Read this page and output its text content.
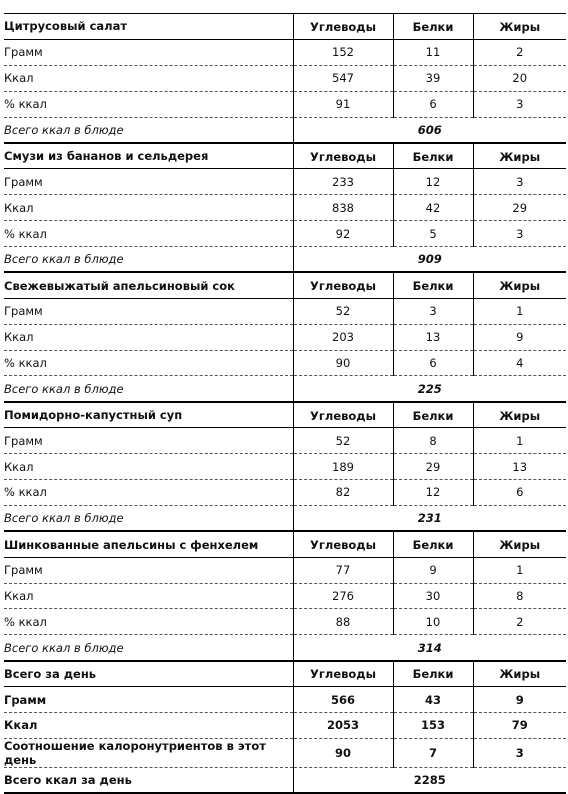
Цитрусовый салат	Углеводы	Белки	Жиры
Грамм	152	11	2
Ккал	547	39	20
% ккал	91	6	3
Всего ккал в блюде	606		
Смузи из бананов и сельдерея	Углеводы	Белки	Жиры
Грамм	233	12	3
Ккал	838	42	29
% ккал	92	5	3
Всего ккал в блюде	909		
Свежевыжатый апельсиновый сок	Углеводы	Белки	Жиры
Грамм	52	3	1
Ккал	203	13	9
% ккал	90	6	4
Всего ккал в блюде	225		
Помидорно-капустный суп	Углеводы	Белки	Жиры
Грамм	52	8	1
Ккал	189	29	13
% ккал	82	12	6
Всего ккал в блюде	231		
Шинкованные апельсины с фенхелем	Углеводы	Белки	Жиры
Грамм	77	9	1
Ккал	276	30	8
% ккал	88	10	2
Всего ккал в блюде	314		
Всего за день	Углеводы	Белки	Жиры
Грамм	566	43	9
Ккал	2053	153	79
Соотношение калоронутриентов в этот день	90	7	3
Всего ккал за день	2285		
